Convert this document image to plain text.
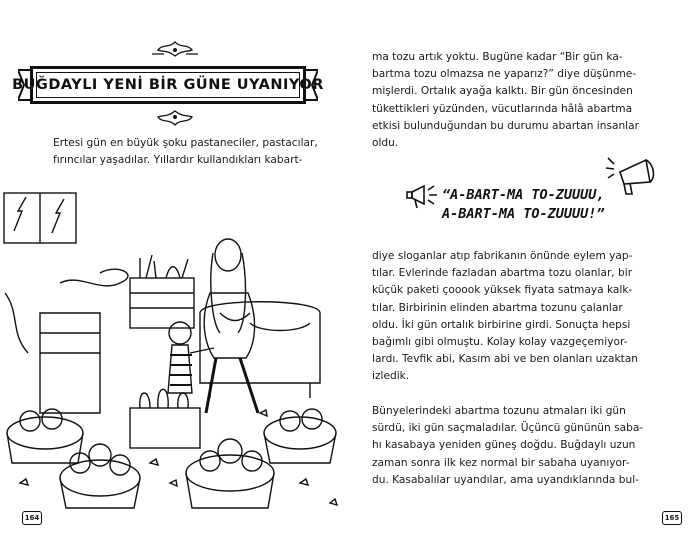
BUĞDAYLI YENİ BİR GÜNE UYANIYOR
Ertesi gün en büyük şoku pastaneciler, pastacılar,
fırıncılar yaşadılar. Yıllardır kullandıkları kabart-
164
ma tozu artık yoktu. Bugüne kadar “Bir gün ka-
bartma tozu olmazsa ne yaparız?” diye düşünme-
mişlerdi. Ortalık ayağa kalktı. Bir gün öncesinden
tükettikleri yüzünden, vücutlarında hâlâ abartma
etkisi bulunduğundan bu durumu abartan insanlar
oldu.
“A-BART-MA TO-ZUUUU,
A-BART-MA TO-ZUUUU!”
diye sloganlar atıp fabrikanın önünde eylem yap-
tılar. Evlerinde fazladan abartma tozu olanlar, bir
küçük paketi çooook yüksek fiyata satmaya kalk-
tılar. Birbirinin elinden abartma tozunu çalanlar
oldu. İki gün ortalık birbirine girdi. Sonuçta hepsi
bağımlı gibi olmuştu. Kolay kolay vazgeçemiyor-
lardı. Tevfik abi, Kasım abi ve ben olanları uzaktan
izledik.
Bünyelerindeki abartma tozunu atmaları iki gün
sürdü, iki gün saçmaladılar. Üçüncü gününün saba-
hı kasabaya yeniden güneş doğdu. Buğdaylı uzun
zaman sonra ilk kez normal bir sabaha uyanıyor-
du. Kasabalılar uyandılar, ama uyandıklarında bul-
165
